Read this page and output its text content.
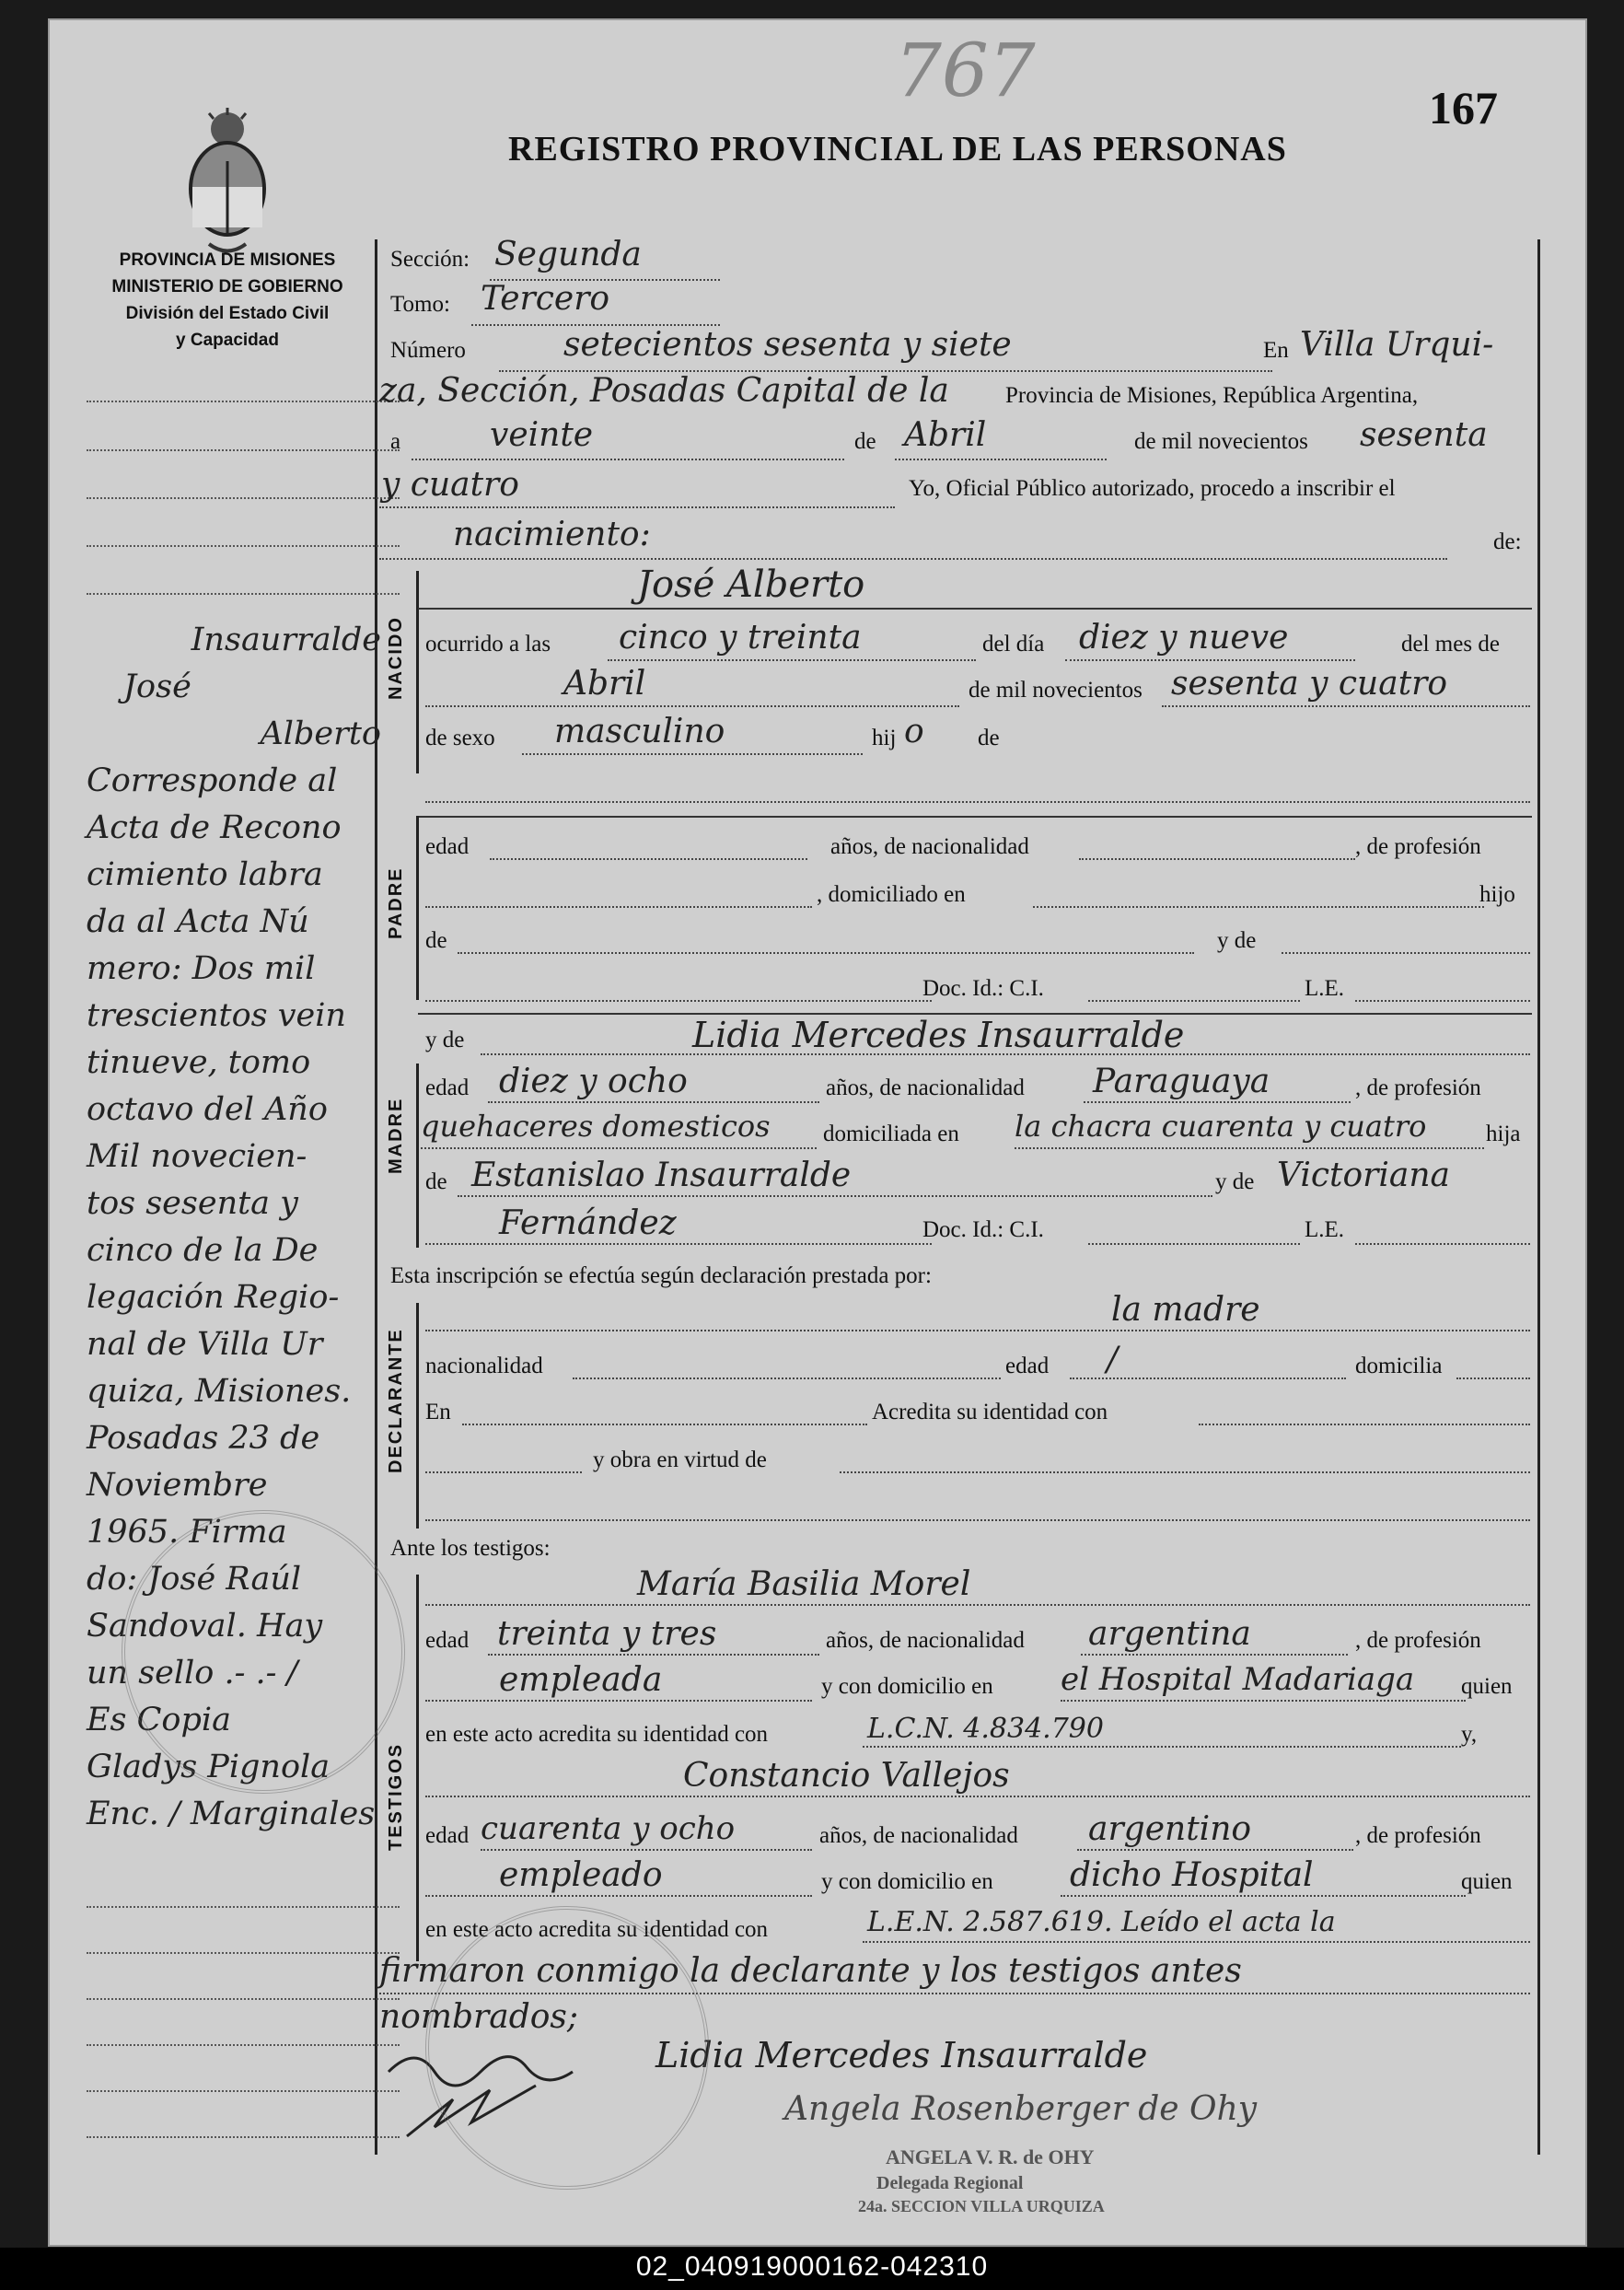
PROVINCIA DE MISIONES
MINISTERIO DE GOBIERNO
División del Estado Civil
y Capacidad
767	167
REGISTRO PROVINCIAL DE LAS PERSONAS
Insaurralde
José
Alberto
Corresponde al
Acta de Recono
cimiento labra
da al Acta Nú
mero: Dos mil
trescientos vein
tinueve, tomo
octavo del Año
Mil novecien-
tos sesenta y
cinco de la De
legación Regio-
nal de Villa Ur
quiza, Misiones.
Posadas 23 de
Noviembre
1965. Firma
do: José Raúl
Sandoval. Hay
un sello .- .- /
Es Copia
Gladys Pignola
Enc. / Marginales
Sección: Segunda
Tomo: Tercero
Número	setecientos sesenta y siete	En Villa Urqui-
za, Sección, Posadas Capital de la Provincia de Misiones, República Argentina,
a	veinte	de Abril	de mil novecientos sesenta
y cuatro	Yo, Oficial Público autorizado, procedo a inscribir el
nacimiento:	de:
NACIDO
José Alberto
ocurrido a las cinco y treinta	del día diez y nueve	del mes de
Abril	de mil novecientos sesenta y cuatro
de sexo masculino	hij o de
PADRE
edad	años, de nacionalidad	, de profesión
, domiciliado en	hijo
de	y de
Doc. Id.: C.I.	L.E.
y de	Lidia Mercedes Insaurralde
MADRE
edad diez y ocho	años, de nacionalidad Paraguaya	, de profesión
quehaceres domesticos domiciliada en la chacra cuarenta y cuatro	hija
de Estanislao Insaurralde	y de Victoriana
Fernández	Doc. Id.: C.I.	L.E.
Esta inscripción se efectúa según declaración prestada por:
la madre
DECLARANTE nacionalidad	edad /	domicilia
En	Acredita su identidad con
y obra en virtud de
Ante los testigos:
María Basilia Morel
TESTIGOS
edad treinta y tres	años, de nacionalidad argentina	, de profesión
empleada	y con domicilio en el Hospital Madariaga quien
en este acto acredita su identidad con	L.C.N. 4.834.790	y,
Constancio Vallejos
edad cuarenta y ocho	años, de nacionalidad argentino	, de profesión
empleado	y con domicilio en dicho Hospital	quien
en este acto acredita su identidad con	L.E.N. 2.587.619. Leído el acta la
firmaron conmigo la declarante y los testigos antes
nombrados;
Lidia Mercedes Insaurralde
Angela Rosenberger de Ohy
ANGELA V. R. de OHY
Delegada Regional
24a. SECCION VILLA URQUIZA
02_040919000162-042310
